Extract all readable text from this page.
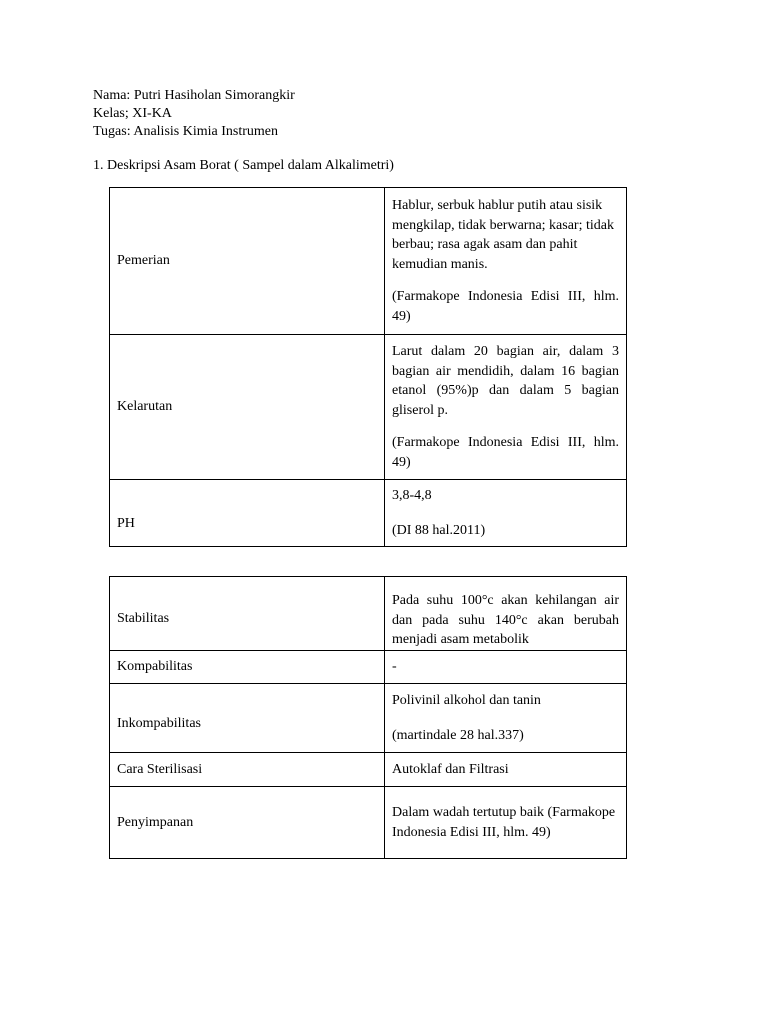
Nama: Putri Hasiholan Simorangkir
Kelas; XI-KA
Tugas: Analisis Kimia Instrumen
1. Deskripsi Asam Borat ( Sampel dalam Alkalimetri)
Pemerian	Hablur, serbuk hablur putih atau sisik mengkilap, tidak berwarna; kasar; tidak berbau; rasa agak asam dan pahit kemudian manis.

(Farmakope Indonesia Edisi III, hlm. 49)

Kelarutan	Larut dalam 20 bagian air, dalam 3 bagian air mendidih, dalam 16 bagian etanol (95%)p dan dalam 5 bagian gliserol p.

(Farmakope Indonesia Edisi III, hlm. 49)

PH	3,8-4,8

(DI 88 hal.2011)

Stabilitas	Pada suhu 100°c akan kehilangan air dan pada suhu 140°c akan berubah menjadi asam metabolik

Kompabilitas	-

Inkompabilitas	Polivinil alkohol dan tanin

(martindale 28 hal.337)

Cara Sterilisasi	Autoklaf dan Filtrasi

Penyimpanan	Dalam wadah tertutup baik (Farmakope Indonesia Edisi III, hlm. 49)
